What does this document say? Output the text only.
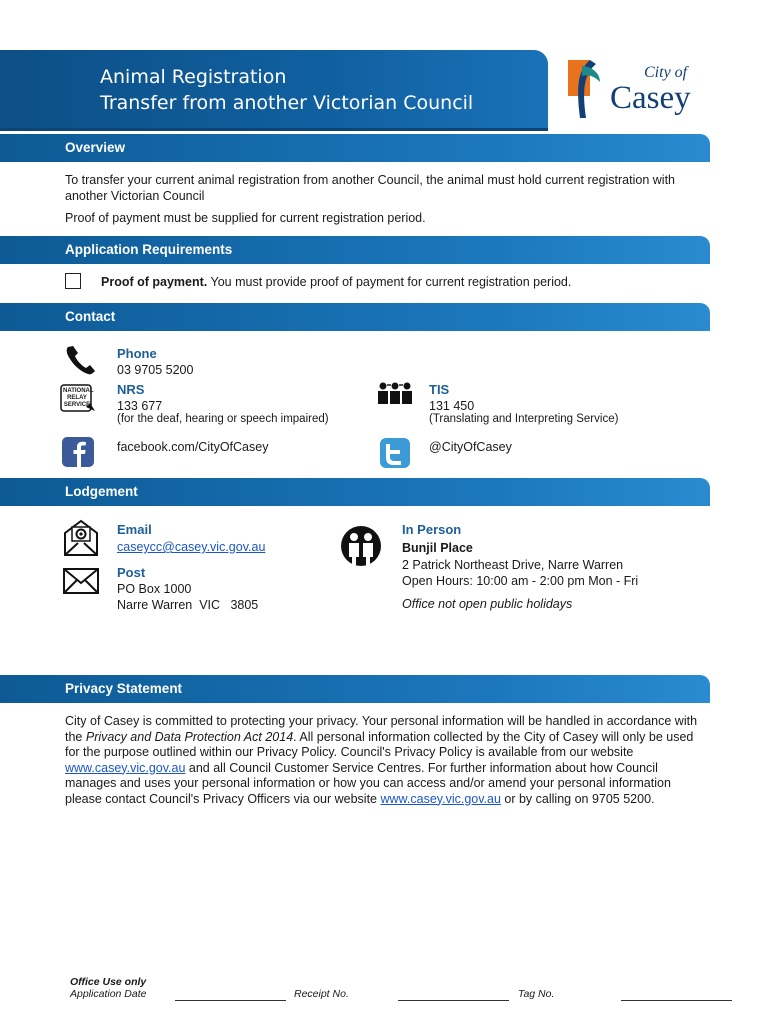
Animal Registration
Transfer from another Victorian Council
City of
Casey
Overview
To transfer your current animal registration from another Council, the animal must hold current registration with another Victorian Council
Proof of payment must be supplied for current registration period.
Application Requirements
Proof of payment. You must provide proof of payment for current registration period.
Contact
Phone
03 9705 5200
NATIONAL RELAY SERVICE
NRS
133 677
(for the deaf, hearing or speech impaired)
TIS
131 450
(Translating and Interpreting Service)
facebook.com/CityOfCasey	@CityOfCasey
Lodgement
Email
caseycc@casey.vic.gov.au
Post
PO Box 1000
Narre Warren  VIC   3805
In Person
Bunjil Place
2 Patrick Northeast Drive, Narre Warren
Open Hours: 10:00 am - 2:00 pm Mon - Fri
Office not open public holidays
Privacy Statement
City of Casey is committed to protecting your privacy. Your personal information will be handled in accordance with the Privacy and Data Protection Act 2014. All personal information collected by the City of Casey will only be used for the purpose outlined within our Privacy Policy. Council's Privacy Policy is available from our website www.casey.vic.gov.au and all Council Customer Service Centres. For further information about how Council manages and uses your personal information or how you can access and/or amend your personal information please contact Council's Privacy Officers via our website www.casey.vic.gov.au or by calling on 9705 5200.
Office Use only
Application Date	Receipt No.	Tag No.
